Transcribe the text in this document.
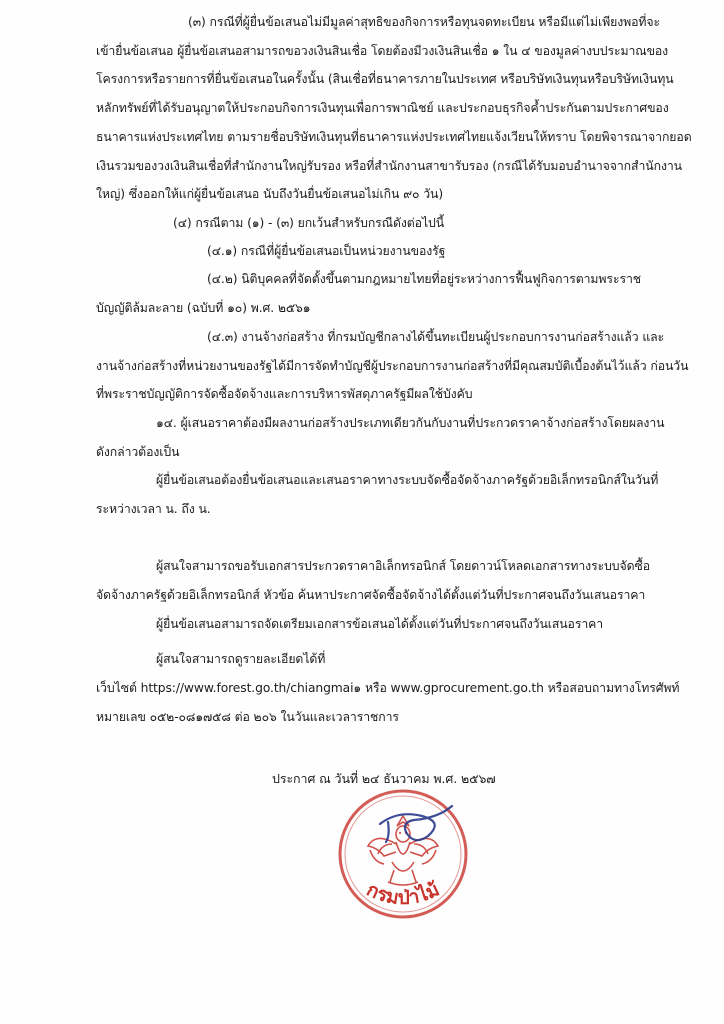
(๓) กรณีที่ผู้ยื่นข้อเสนอไม่มีมูลค่าสุทธิของกิจการหรือทุนจดทะเบียน หรือมีแต่ไม่เพียงพอที่จะ
เข้ายื่นข้อเสนอ ผู้ยื่นข้อเสนอสามารถขอวงเงินสินเชื่อ โดยต้องมีวงเงินสินเชื่อ ๑ ใน ๔ ของมูลค่างบประมาณของ
โครงการหรือรายการที่ยื่นข้อเสนอในครั้งนั้น (สินเชื่อที่ธนาคารภายในประเทศ หรือบริษัทเงินทุนหรือบริษัทเงินทุน
หลักทรัพย์ที่ได้รับอนุญาตให้ประกอบกิจการเงินทุนเพื่อการพาณิชย์ และประกอบธุรกิจค้ำประกันตามประกาศของ
ธนาคารแห่งประเทศไทย ตามรายชื่อบริษัทเงินทุนที่ธนาคารแห่งประเทศไทยแจ้งเวียนให้ทราบ โดยพิจารณาจากยอด
เงินรวมของวงเงินสินเชื่อที่สำนักงานใหญ่รับรอง หรือที่สำนักงานสาขารับรอง (กรณีได้รับมอบอำนาจจากสำนักงาน
ใหญ่) ซึ่งออกให้แก่ผู้ยื่นข้อเสนอ นับถึงวันยื่นข้อเสนอไม่เกิน ๙๐ วัน)
(๔) กรณีตาม (๑) - (๓) ยกเว้นสำหรับกรณีดังต่อไปนี้
(๔.๑) กรณีที่ผู้ยื่นข้อเสนอเป็นหน่วยงานของรัฐ
(๔.๒) นิติบุคคลที่จัดตั้งขึ้นตามกฎหมายไทยที่อยู่ระหว่างการฟื้นฟูกิจการตามพระราช
บัญญัติล้มละลาย (ฉบับที่ ๑๐) พ.ศ. ๒๕๖๑
(๔.๓) งานจ้างก่อสร้าง ที่กรมบัญชีกลางได้ขึ้นทะเบียนผู้ประกอบการงานก่อสร้างแล้ว และ
งานจ้างก่อสร้างที่หน่วยงานของรัฐได้มีการจัดทำบัญชีผู้ประกอบการงานก่อสร้างที่มีคุณสมบัติเบื้องต้นไว้แล้ว ก่อนวัน
ที่พระราชบัญญัติการจัดซื้อจัดจ้างและการบริหารพัสดุภาครัฐมีผลใช้บังคับ
๑๔. ผู้เสนอราคาต้องมีผลงานก่อสร้างประเภทเดียวกันกับงานที่ประกวดราคาจ้างก่อสร้างโดยผลงาน
ดังกล่าวต้องเป็น
ผู้ยื่นข้อเสนอต้องยื่นข้อเสนอและเสนอราคาทางระบบจัดซื้อจัดจ้างภาครัฐด้วยอิเล็กทรอนิกส์ในวันที่
ระหว่างเวลา น. ถึง น.
ผู้สนใจสามารถขอรับเอกสารประกวดราคาอิเล็กทรอนิกส์ โดยดาวน์โหลดเอกสารทางระบบจัดซื้อ
จัดจ้างภาครัฐด้วยอิเล็กทรอนิกส์ หัวข้อ ค้นหาประกาศจัดซื้อจัดจ้างได้ตั้งแต่วันที่ประกาศจนถึงวันเสนอราคา
ผู้ยื่นข้อเสนอสามารถจัดเตรียมเอกสารข้อเสนอได้ตั้งแต่วันที่ประกาศจนถึงวันเสนอราคา
ผู้สนใจสามารถดูรายละเอียดได้ที่
เว็บไซต์ https://www.forest.go.th/chiangmai๑ หรือ www.gprocurement.go.th หรือสอบถามทางโทรศัพท์
หมายเลข ๐๕๒-๐๘๑๗๕๘ ต่อ ๒๐๖ ในวันและเวลาราชการ
ประกาศ ณ วันที่ ๒๔ ธันวาคม พ.ศ. ๒๕๖๗
กรมป่าไม้
